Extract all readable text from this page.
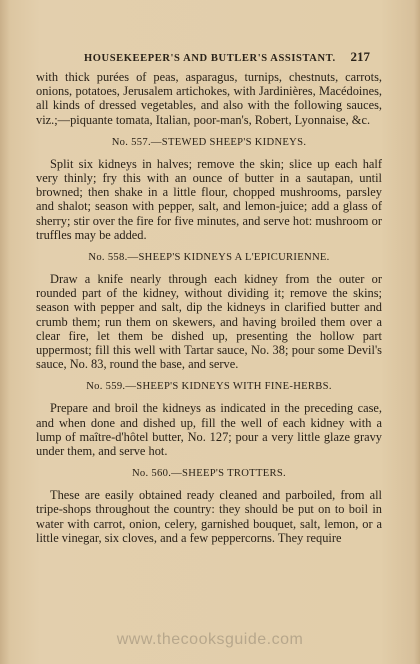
HOUSEKEEPER'S AND BUTLER'S ASSISTANT. 217

with thick purées of peas, asparagus, turnips, chestnuts, carrots, onions, potatoes, Jerusalem artichokes, with Jardinières, Macédoines, all kinds of dressed vegetables, and also with the following sauces, viz.;—piquante tomata, Italian, poor-man's, Robert, Lyonnaise, &c.

No. 557.—STEWED SHEEP'S KIDNEYS.

Split six kidneys in halves; remove the skin; slice up each half very thinly; fry this with an ounce of butter in a sautapan, until browned; then shake in a little flour, chopped mushrooms, parsley and shalot; season with pepper, salt, and lemon-juice; add a glass of sherry; stir over the fire for five minutes, and serve hot: mushroom or truffles may be added.

No. 558.—SHEEP'S KIDNEYS A L'EPICURIENNE.

Draw a knife nearly through each kidney from the outer or rounded part of the kidney, without dividing it; remove the skins; season with pepper and salt, dip the kidneys in clarified butter and crumb them; run them on skewers, and having broiled them over a clear fire, let them be dished up, presenting the hollow part uppermost; fill this well with Tartar sauce, No. 38; pour some Devil's sauce, No. 83, round the base, and serve.

No. 559.—SHEEP'S KIDNEYS WITH FINE-HERBS.

Prepare and broil the kidneys as indicated in the preceding case, and when done and dished up, fill the well of each kidney with a lump of maître-d'hôtel butter, No. 127; pour a very little glaze gravy under them, and serve hot.

No. 560.—SHEEP'S TROTTERS.

These are easily obtained ready cleaned and parboiled, from all tripe-shops throughout the country: they should be put on to boil in water with carrot, onion, celery, garnished bouquet, salt, lemon, or a little vinegar, six cloves, and a few peppercorns. They require

www.thecooksguide.com
